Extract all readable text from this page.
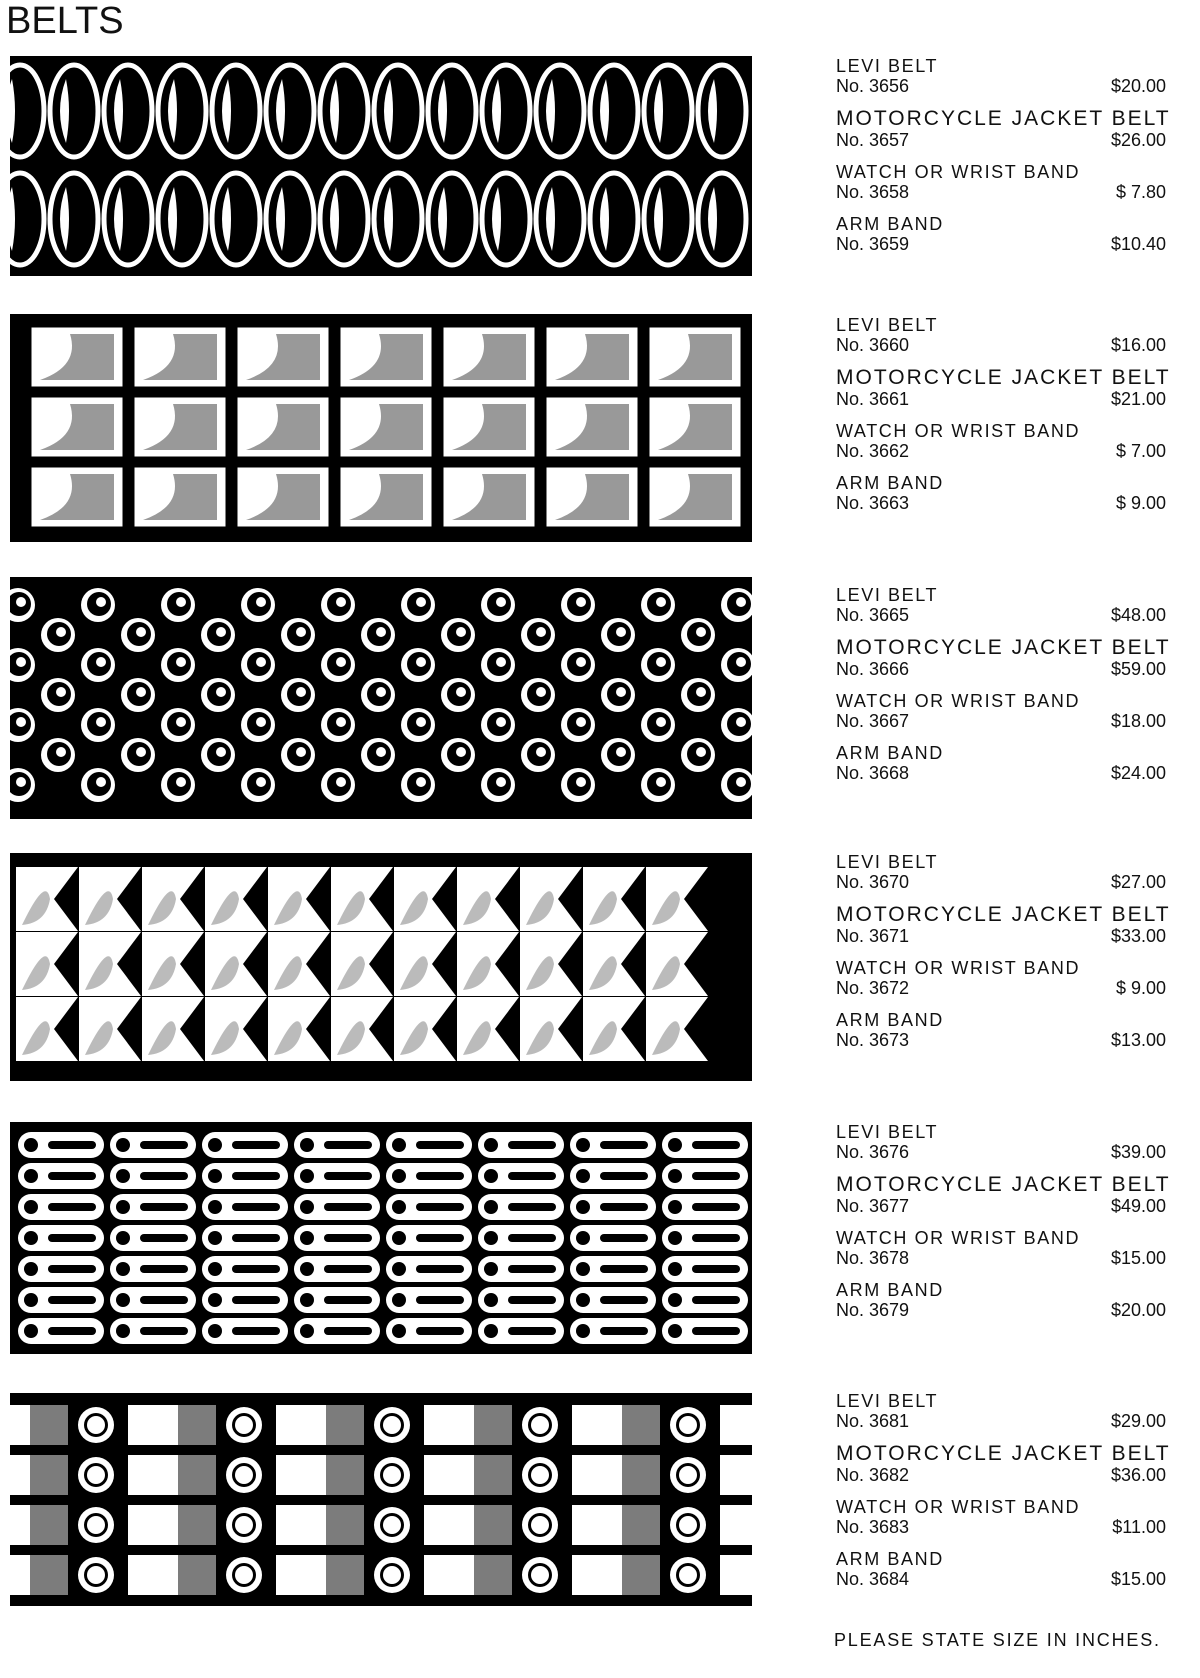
BELTS
LEVI BELT
No. 3656	$20.00
MOTORCYCLE JACKET BELT
No. 3657	$26.00
WATCH OR WRIST BAND
No. 3658	$ 7.80
ARM BAND
No. 3659	$10.40
LEVI BELT
No. 3660	$16.00
MOTORCYCLE JACKET BELT
No. 3661	$21.00
WATCH OR WRIST BAND
No. 3662	$ 7.00
ARM BAND
No. 3663	$ 9.00
LEVI BELT
No. 3665	$48.00
MOTORCYCLE JACKET BELT
No. 3666	$59.00
WATCH OR WRIST BAND
No. 3667	$18.00
ARM BAND
No. 3668	$24.00
LEVI BELT
No. 3670	$27.00
MOTORCYCLE JACKET BELT
No. 3671	$33.00
WATCH OR WRIST BAND
No. 3672	$ 9.00
ARM BAND
No. 3673	$13.00
LEVI BELT
No. 3676	$39.00
MOTORCYCLE JACKET BELT
No. 3677	$49.00
WATCH OR WRIST BAND
No. 3678	$15.00
ARM BAND
No. 3679	$20.00
LEVI BELT
No. 3681	$29.00
MOTORCYCLE JACKET BELT
No. 3682	$36.00
WATCH OR WRIST BAND
No. 3683	$11.00
ARM BAND
No. 3684	$15.00
PLEASE STATE SIZE IN INCHES.
